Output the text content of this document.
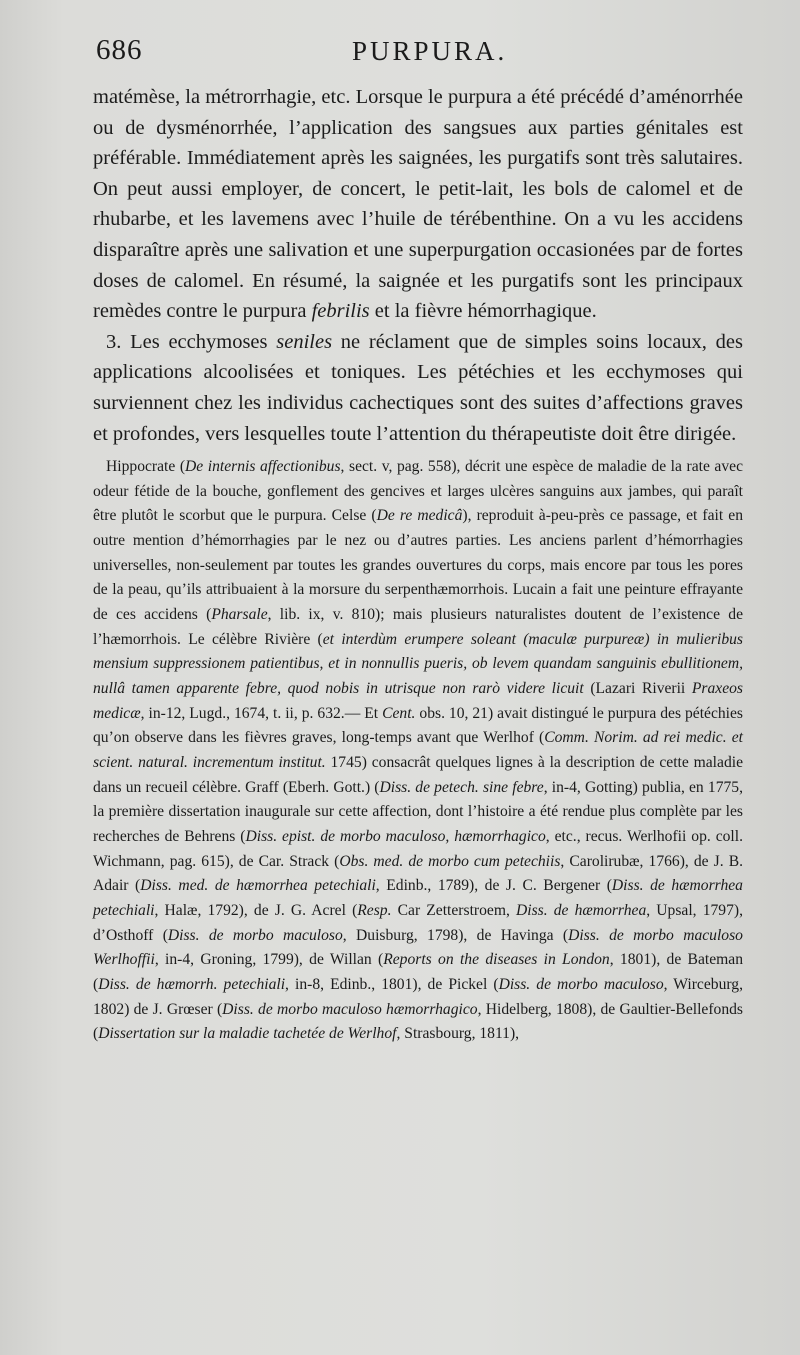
686	PURPURA.

matémèse, la métrorrhagie, etc. Lorsque le purpura a été précédé d’aménorrhée ou de dysménorrhée, l’application des sangsues aux parties génitales est préférable. Immédiatement après les saignées, les purgatifs sont très salutaires. On peut aussi employer, de concert, le petit-lait, les bols de calomel et de rhubarbe, et les lavemens avec l’huile de térébenthine. On a vu les accidens disparaître après une salivation et une superpurgation occasionées par de fortes doses de calomel. En résumé, la saignée et les purgatifs sont les principaux remèdes contre le purpura febrilis et la fièvre hémorrhagique.

3. Les ecchymoses seniles ne réclament que de simples soins locaux, des applications alcoolisées et toniques. Les pétéchies et les ecchymoses qui surviennent chez les individus cachectiques sont des suites d’affections graves et profondes, vers lesquelles toute l’attention du thérapeutiste doit être dirigée.

Hippocrate (De internis affectionibus, sect. v, pag. 558), décrit une espèce de maladie de la rate avec odeur fétide de la bouche, gonflement des gencives et larges ulcères sanguins aux jambes, qui paraît être plutôt le scorbut que le purpura. Celse (De re medicâ), reproduit à-peu-près ce passage, et fait en outre mention d’hémorrhagies par le nez ou d’autres parties. Les anciens parlent d’hémorrhagies universelles, non-seulement par toutes les grandes ouvertures du corps, mais encore par tous les pores de la peau, qu’ils attribuaient à la morsure du serpenthæmorrhois. Lucain a fait une peinture effrayante de ces accidens (Pharsale, lib. ix, v. 810); mais plusieurs naturalistes doutent de l’existence de l’hæmorrhois. Le célèbre Rivière (et interdùm erumpere soleant (maculæ purpureæ) in mulieribus mensium suppressionem patientibus, et in nonnullis pueris, ob levem quandam sanguinis ebullitionem, nullâ tamen apparente febre, quod nobis in utrisque non rarò videre licuit (Lazari Riverii Praxeos medicæ, in-12, Lugd., 1674, t. ii, p. 632.— Et Cent. obs. 10, 21) avait distingué le purpura des pétéchies qu’on observe dans les fièvres graves, long-temps avant que Werlhof (Comm. Norim. ad rei medic. et scient. natural. incrementum institut. 1745) consacrât quelques lignes à la description de cette maladie dans un recueil célèbre. Graff (Eberh. Gott.) (Diss. de petech. sine febre, in-4, Gotting) publia, en 1775, la première dissertation inaugurale sur cette affection, dont l’histoire a été rendue plus complète par les recherches de Behrens (Diss. epist. de morbo maculoso, hæmorrhagico, etc., recus. Werlhofii op. coll. Wichmann, pag. 615), de Car. Strack (Obs. med. de morbo cum petechiis, Carolirubæ, 1766), de J. B. Adair (Diss. med. de hæmorrhea petechiali, Edinb., 1789), de J. C. Bergener (Diss. de hæmorrhea petechiali, Halæ, 1792), de J. G. Acrel (Resp. Car Zetterstroem, Diss. de hæmorrhea, Upsal, 1797), d’Osthoff (Diss. de morbo maculoso, Duisburg, 1798), de Havinga (Diss. de morbo maculoso Werlhoffii, in-4, Groning, 1799), de Willan (Reports on the diseases in London, 1801), de Bateman (Diss. de hæmorrh. petechiali, in-8, Edinb., 1801), de Pickel (Diss. de morbo maculoso, Wirceburg, 1802) de J. Grœser (Diss. de morbo maculoso hæmorrhagico, Hidelberg, 1808), de Gaultier-Bellefonds (Dissertation sur la maladie tachetée de Werlhof, Strasbourg, 1811),
